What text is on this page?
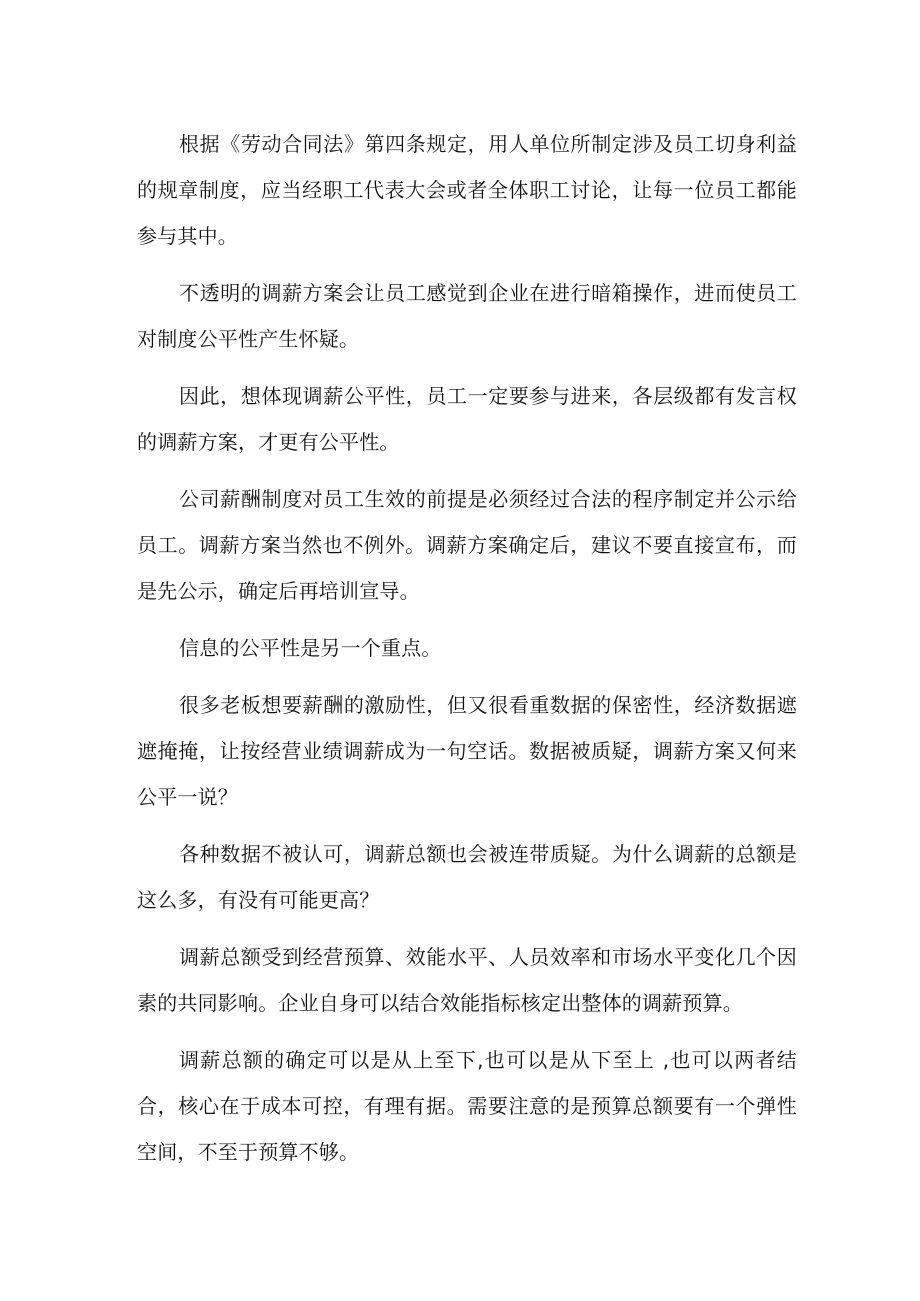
根据《劳动合同法》第四条规定，用人单位所制定涉及员工切身利益的规章制度，应当经职工代表大会或者全体职工讨论，让每一位员工都能参与其中。

不透明的调薪方案会让员工感觉到企业在进行暗箱操作，进而使员工对制度公平性产生怀疑。

因此，想体现调薪公平性，员工一定要参与进来，各层级都有发言权的调薪方案，才更有公平性。

公司薪酬制度对员工生效的前提是必须经过合法的程序制定并公示给员工。调薪方案当然也不例外。调薪方案确定后，建议不要直接宣布，而是先公示，确定后再培训宣导。

信息的公平性是另一个重点。

很多老板想要薪酬的激励性，但又很看重数据的保密性，经济数据遮遮掩掩，让按经营业绩调薪成为一句空话。数据被质疑，调薪方案又何来公平一说？

各种数据不被认可，调薪总额也会被连带质疑。为什么调薪的总额是这么多，有没有可能更高？

调薪总额受到经营预算、效能水平、人员效率和市场水平变化几个因素的共同影响。企业自身可以结合效能指标核定出整体的调薪预算。

调薪总额的确定可以是从上至下,也可以是从下至上 ,也可以两者结合，核心在于成本可控，有理有据。需要注意的是预算总额要有一个弹性空间，不至于预算不够。
